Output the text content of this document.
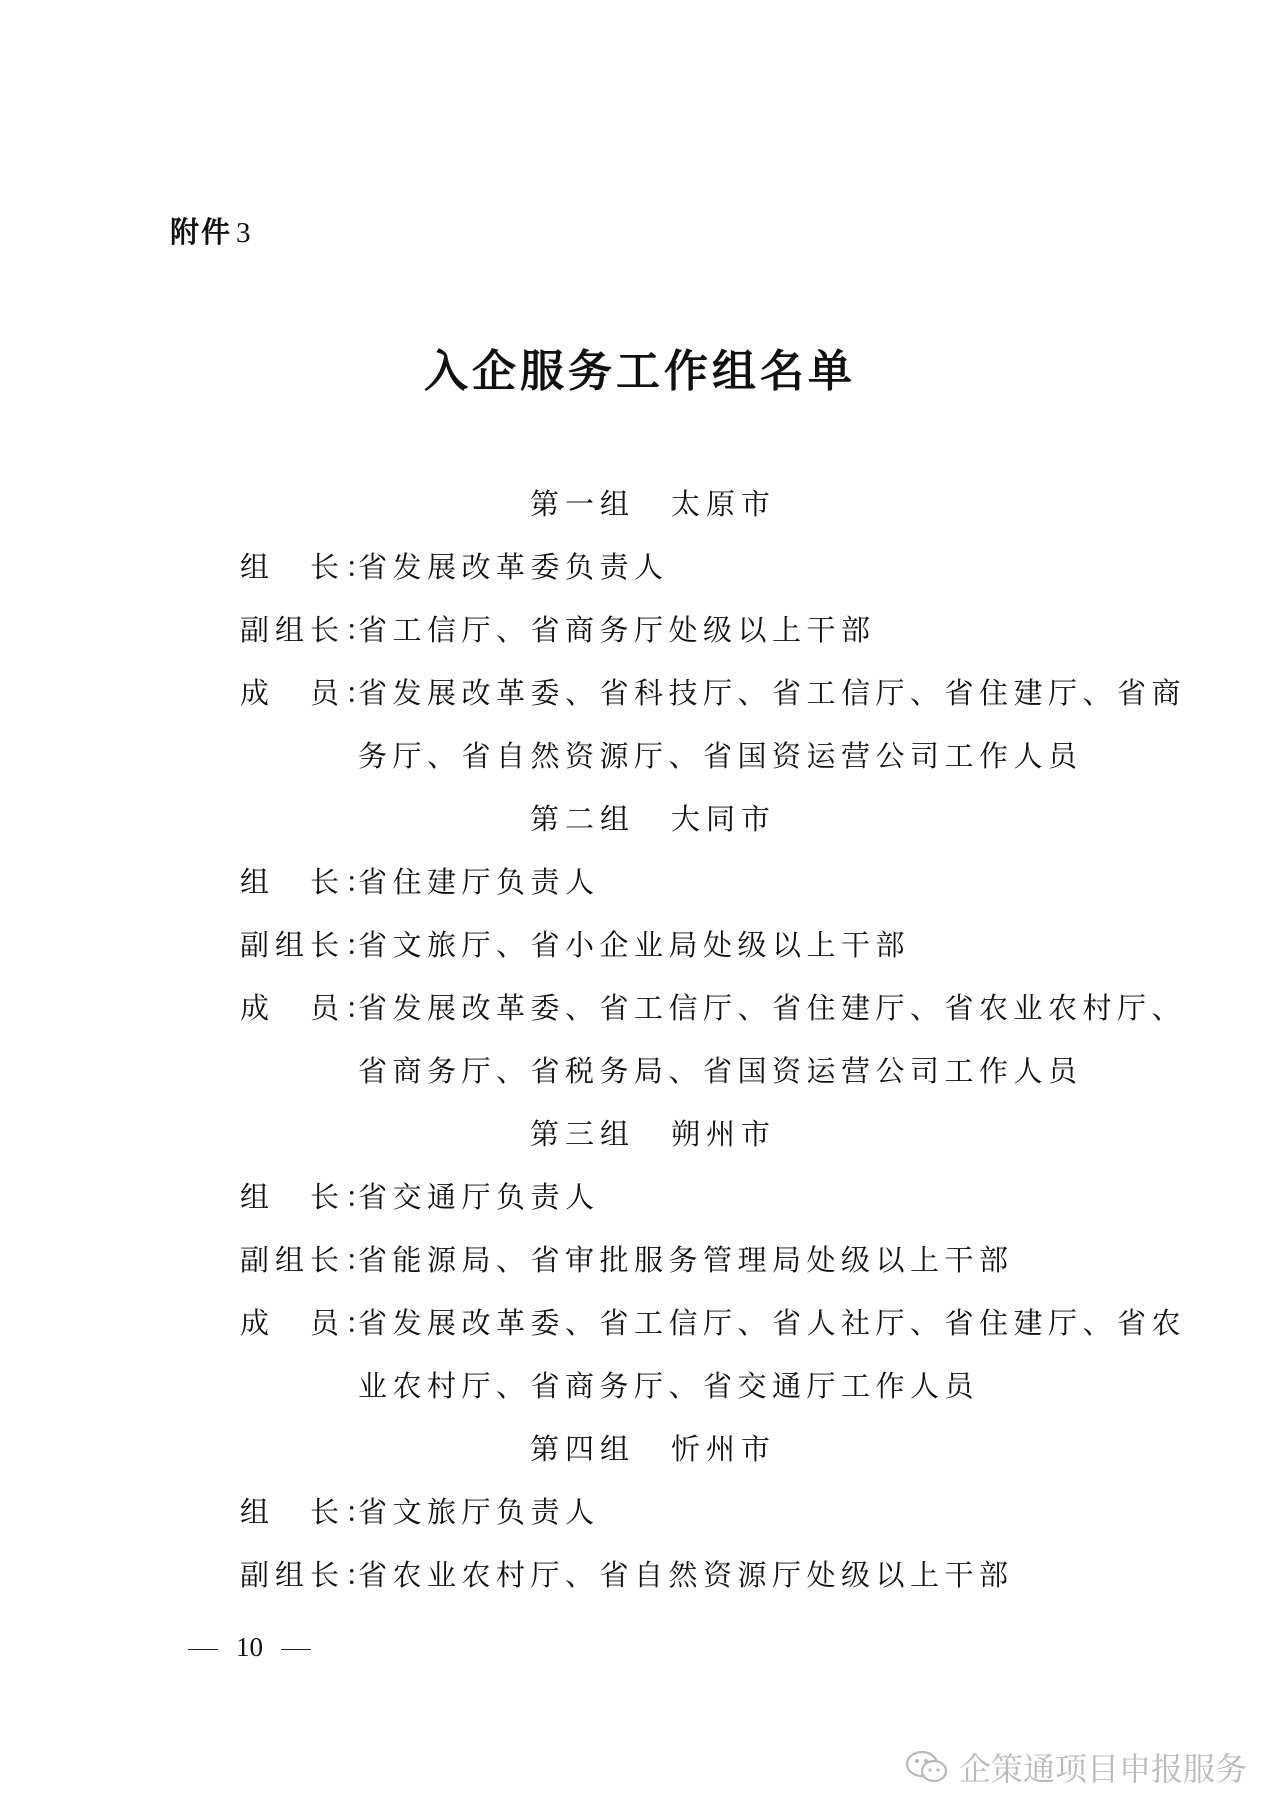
附件 3
入企服务工作组名单
第一组 太原市
组　长：省发展改革委负责人
副组长：省工信厅、省商务厅处级以上干部
成　员：省发展改革委、省科技厅、省工信厅、省住建厅、省商
务厅、省自然资源厅、省国资运营公司工作人员
第二组 大同市
组　长：省住建厅负责人
副组长：省文旅厅、省小企业局处级以上干部
成　员：省发展改革委、省工信厅、省住建厅、省农业农村厅、
省商务厅、省税务局、省国资运营公司工作人员
第三组 朔州市
组　长：省交通厅负责人
副组长：省能源局、省审批服务管理局处级以上干部
成　员：省发展改革委、省工信厅、省人社厅、省住建厅、省农
业农村厅、省商务厅、省交通厅工作人员
第四组 忻州市
组　长：省文旅厅负责人
副组长：省农业农村厅、省自然资源厅处级以上干部
10
企策通项目申报服务
